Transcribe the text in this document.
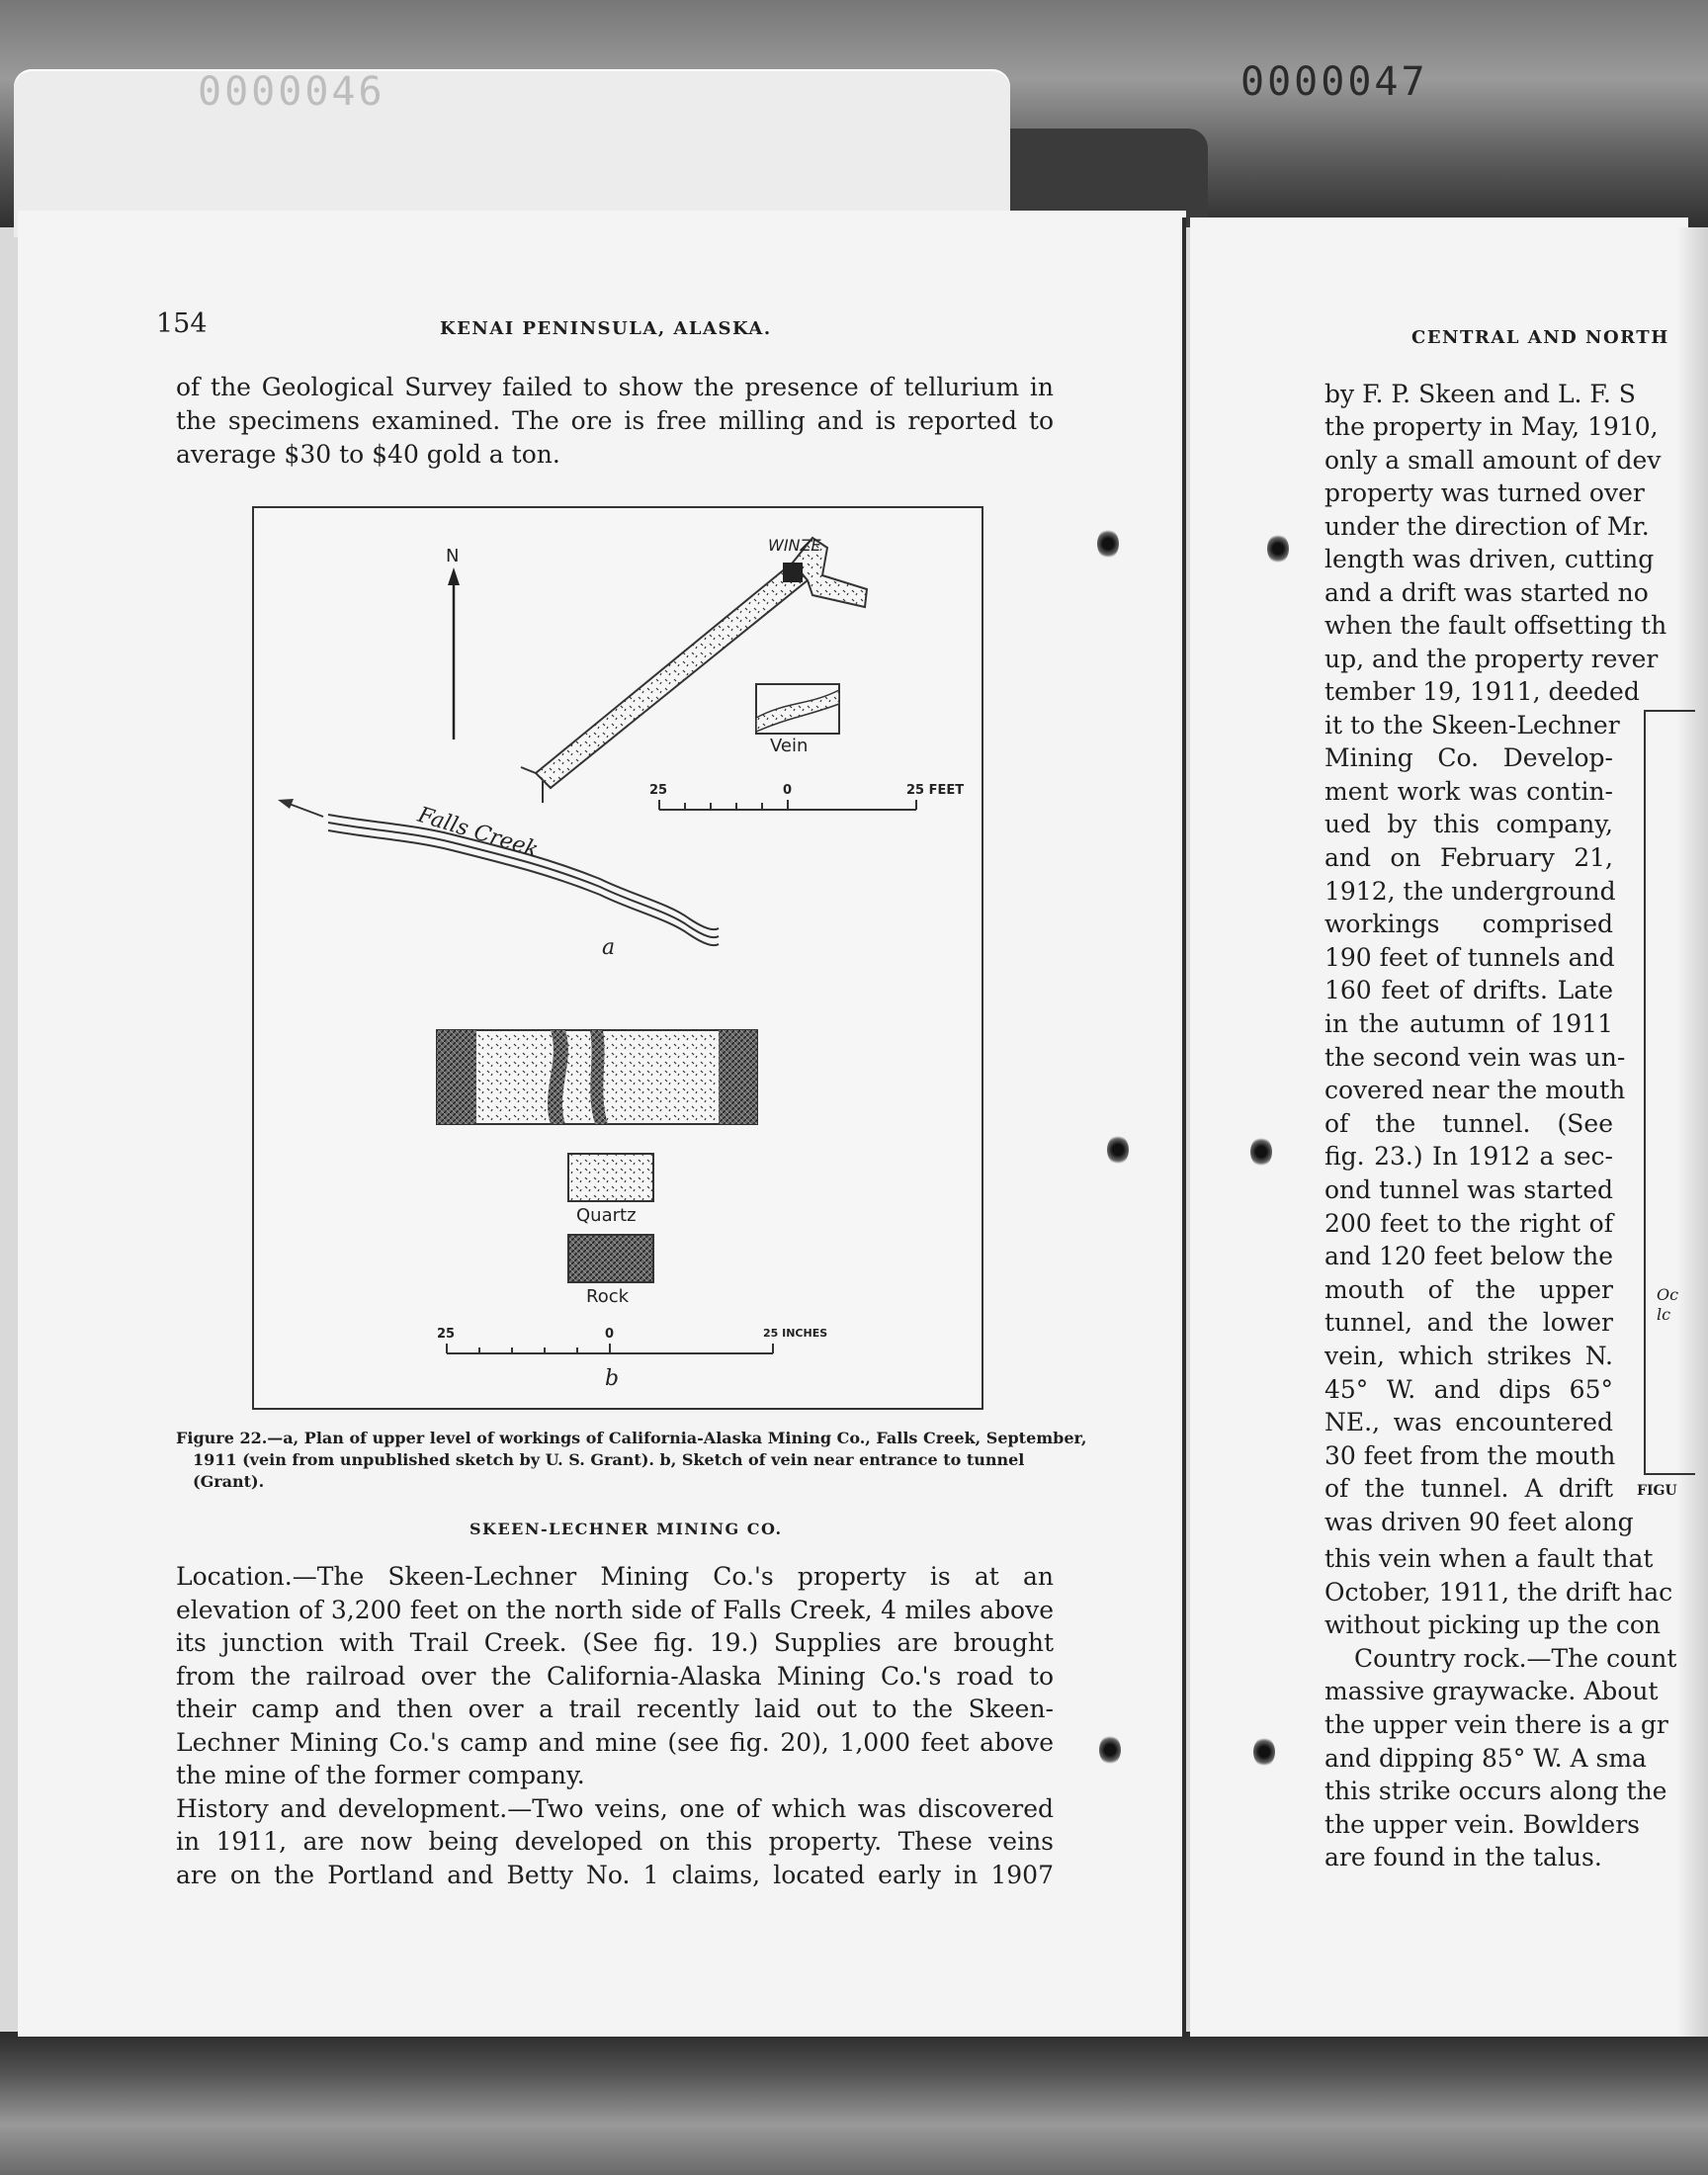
0000046	0000047
154	KENAI PENINSULA, ALASKA.
of the Geological Survey failed to show the presence of tellurium in
the specimens examined. The ore is free milling and is reported to
average $30 to $40 gold a ton.
N
WINZE
Vein
25	0	25 FEET
Falls Creek
a
Quartz
Rock
25	0	25 INCHES
b
Figure 22.—a, Plan of upper level of workings of California-Alaska Mining Co., Falls Creek, September,
1911 (vein from unpublished sketch by U. S. Grant). b, Sketch of vein near entrance to tunnel
(Grant).
SKEEN-LECHNER MINING CO.
Location.—The Skeen-Lechner Mining Co.'s property is at an
elevation of 3,200 feet on the north side of Falls Creek, 4 miles above
its junction with Trail Creek. (See fig. 19.) Supplies are brought
from the railroad over the California-Alaska Mining Co.'s road to
their camp and then over a trail recently laid out to the Skeen-
Lechner Mining Co.'s camp and mine (see fig. 20), 1,000 feet above
the mine of the former company.
History and development.—Two veins, one of which was discovered
in 1911, are now being developed on this property. These veins
are on the Portland and Betty No. 1 claims, located early in 1907
CENTRAL AND NORTH
by F. P. Skeen and L. F. S
the property in May, 1910,
only a small amount of dev
property was turned over
under the direction of Mr.
length was driven, cutting
and a drift was started no
when the fault offsetting th
up, and the property rever
tember 19, 1911, deeded
it to the Skeen-Lechner
Mining Co. Develop-
ment work was contin-
ued by this company,
and on February 21,
1912, the underground
workings comprised
190 feet of tunnels and
160 feet of drifts. Late
in the autumn of 1911
the second vein was un-
covered near the mouth
of the tunnel. (See
fig. 23.) In 1912 a sec-
ond tunnel was started
200 feet to the right of
and 120 feet below the
mouth of the upper
tunnel, and the lower
vein, which strikes N.
45° W. and dips 65°
NE., was encountered
30 feet from the mouth
of the tunnel. A drift
was driven 90 feet along
Oc
lc
FIGU
this vein when a fault that
October, 1911, the drift hac
without picking up the con
Country rock.—The count
massive graywacke. About
the upper vein there is a gr
and dipping 85° W. A sma
this strike occurs along the
the upper vein. Bowlders
are found in the talus.
